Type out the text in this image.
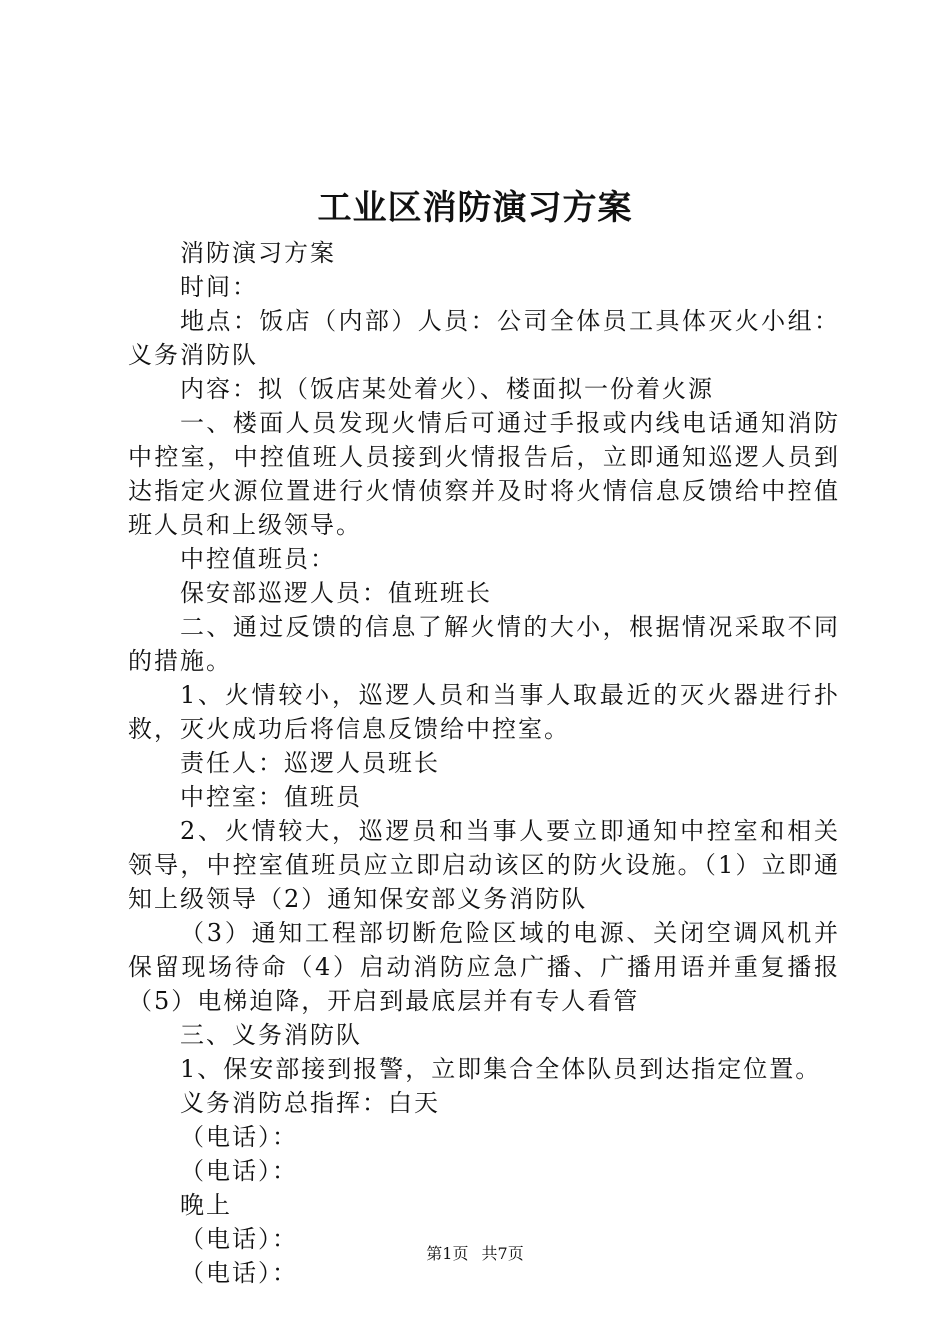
工业区消防演习方案

消防演习方案

时间：

地点：饭店（内部）人员：公司全体员工具体灭火小组：义务消防队

内容：拟（饭店某处着火）、楼面拟一份着火源

一、楼面人员发现火情后可通过手报或内线电话通知消防中控室，中控值班人员接到火情报告后，立即通知巡逻人员到达指定火源位置进行火情侦察并及时将火情信息反馈给中控值班人员和上级领导。

中控值班员：

保安部巡逻人员：值班班长

二、通过反馈的信息了解火情的大小，根据情况采取不同的措施。

1、火情较小，巡逻人员和当事人取最近的灭火器进行扑救，灭火成功后将信息反馈给中控室。

责任人：巡逻人员班长

中控室：值班员

2、火情较大，巡逻员和当事人要立即通知中控室和相关领导，中控室值班员应立即启动该区的防火设施。（1）立即通知上级领导（2）通知保安部义务消防队

（3）通知工程部切断危险区域的电源、关闭空调风机并保留现场待命（4）启动消防应急广播、广播用语并重复播报（5）电梯迫降，开启到最底层并有专人看管

三、义务消防队

1、保安部接到报警，立即集合全体队员到达指定位置。

义务消防总指挥：白天

（电话）：

（电话）：

晚上

（电话）：

（电话）：

第1页 共7页
